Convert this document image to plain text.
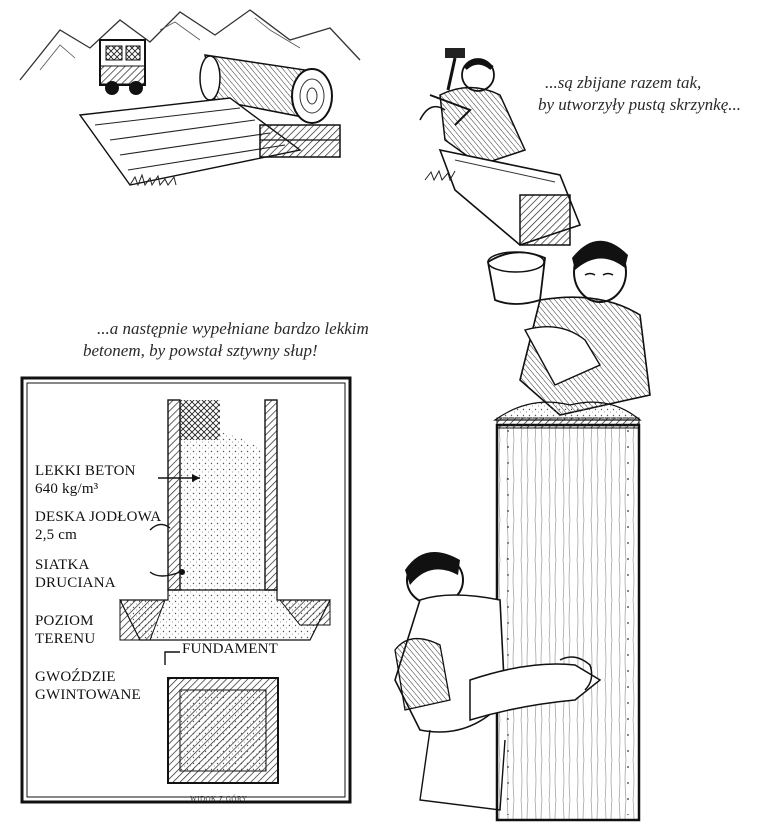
...są zbijane razem tak,
by utworzyły pustą skrzynkę...
...a następnie wypełniane bardzo lekkim
betonem, by powstał sztywny słup!
LEKKI BETON
640 kg/m³
DESKA JODŁOWA
2,5 cm
SIATKA
DRUCIANA
POZIOM
TERENU
FUNDAMENT
GWOŹDZIE
GWINTOWANE
WIDOK Z GÓRY
